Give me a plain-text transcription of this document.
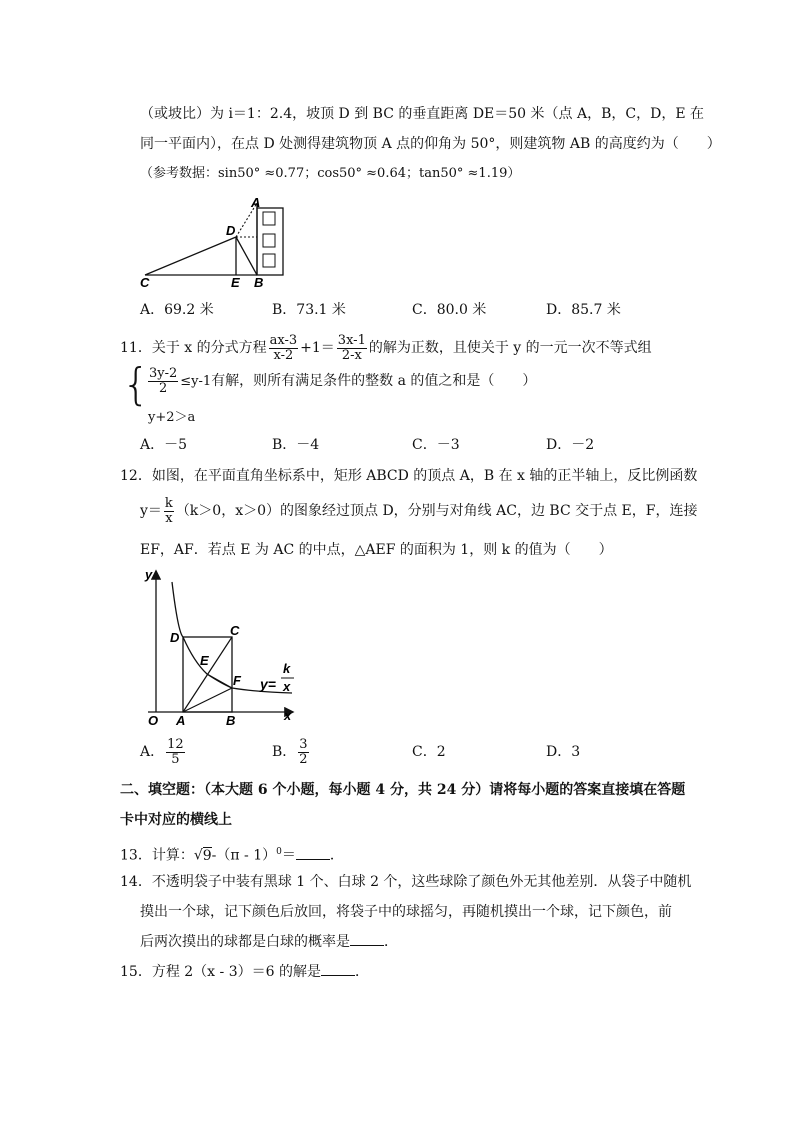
（或坡比）为 i＝1：2.4，坡顶 D 到 BC 的垂直距离 DE＝50 米（点 A，B，C，D，E 在
同一平面内），在点 D 处测得建筑物顶 A 点的仰角为 50°，则建筑物 AB 的高度约为（　　）
（参考数据：sin50° ≈0.77；cos50° ≈0.64；tan50° ≈1.19）
A
D
C	E B
A．69.2 米	B．73.1 米	C．80.0 米	D．85.7 米
11．关于 x 的分式方程 $\frac{ax-3}{x-2} +1= \frac{3x-1}{2-x}$ 的解为正数，且使关于 y 的一元一次不等式组
{
$\frac{3y-2}{2} \le y-1$有解，则所有满足条件的整数 a 的值之和是（　　）
y+2＞a
A．－5	B．－4	C．－3	D．－2
12．如图，在平面直角坐标系中，矩形 ABCD 的顶点 A，B 在 x 轴的正半轴上，反比例函数
$y= \frac{k}{x} (k>0$，x＞0）的图象经过顶点 D，分别与对角线 AC，边 BC 交于点 E，F，连接
EF，AF．若点 E 为 AC 的中点，△AEF 的面积为 1，则 k 的值为（　　）
y
D	C
E
F
O A	B	x
y=
k
x
A． $\frac{12}{5}$	B． $\frac{3}{2}$	C．2	D．3
二、填空题：（本大题 6 个小题，每小题 4 分，共 24 分）请将每小题的答案直接填在答题
卡中对应的横线上
13．计算：√9-（π - 1）$^0$＝ ．
14．不透明袋子中装有黑球 1 个、白球 2 个，这些球除了颜色外无其他差别．从袋子中随机
摸出一个球，记下颜色后放回，将袋子中的球摇匀，再随机摸出一个球，记下颜色，前
后两次摸出的球都是白球的概率是 ．
15．方程 2（x - 3）＝6 的解是 ．
